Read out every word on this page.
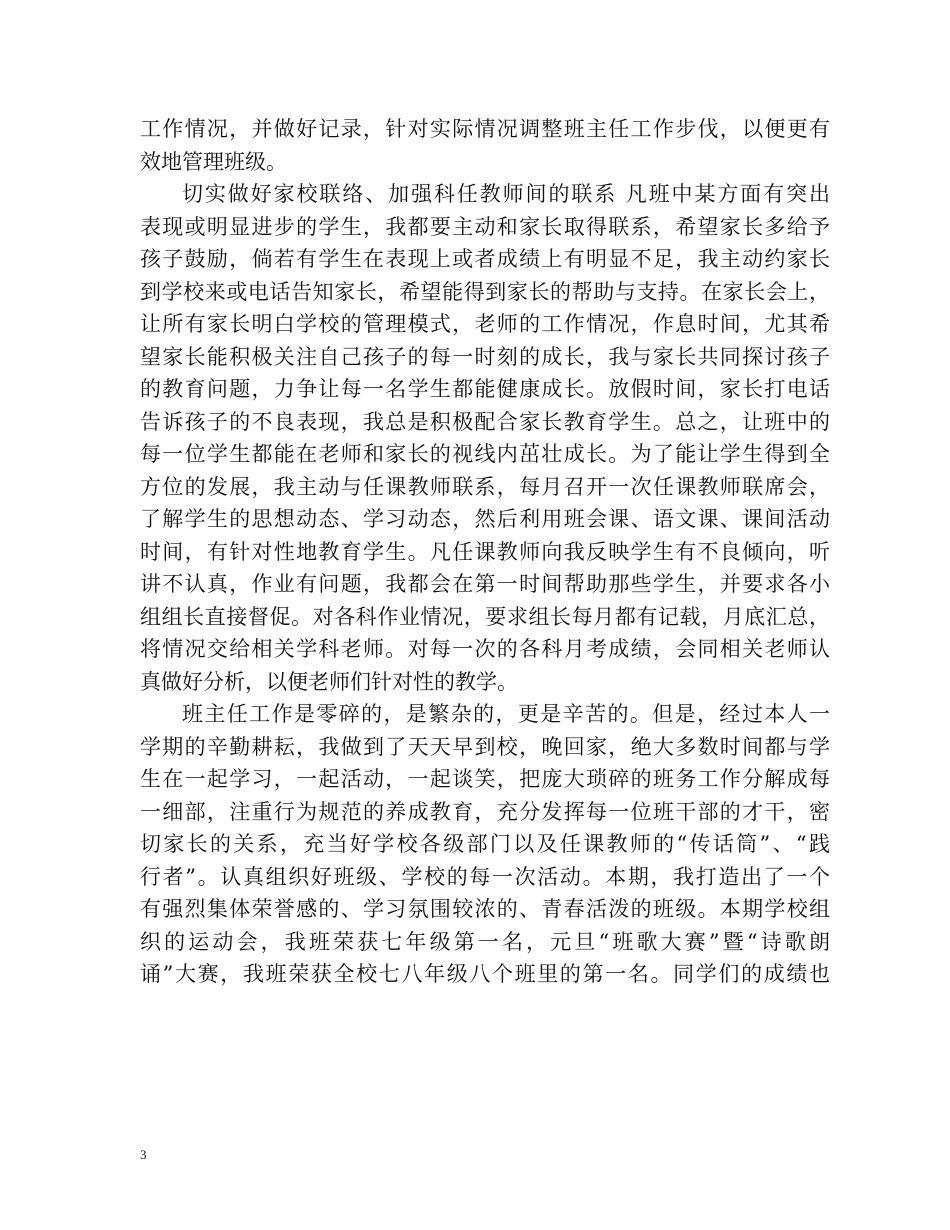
工作情况，并做好记录，针对实际情况调整班主任工作步伐，以便更有
效地管理班级。
切实做好家校联络、加强科任教师间的联系 凡班中某方面有突出
表现或明显进步的学生，我都要主动和家长取得联系，希望家长多给予
孩子鼓励，倘若有学生在表现上或者成绩上有明显不足，我主动约家长
到学校来或电话告知家长，希望能得到家长的帮助与支持。在家长会上，
让所有家长明白学校的管理模式，老师的工作情况，作息时间，尤其希
望家长能积极关注自己孩子的每一时刻的成长，我与家长共同探讨孩子
的教育问题，力争让每一名学生都能健康成长。放假时间，家长打电话
告诉孩子的不良表现，我总是积极配合家长教育学生。总之，让班中的
每一位学生都能在老师和家长的视线内茁壮成长。为了能让学生得到全
方位的发展，我主动与任课教师联系，每月召开一次任课教师联席会，
了解学生的思想动态、学习动态，然后利用班会课、语文课、课间活动
时间，有针对性地教育学生。凡任课教师向我反映学生有不良倾向，听
讲不认真，作业有问题，我都会在第一时间帮助那些学生，并要求各小
组组长直接督促。对各科作业情况，要求组长每月都有记载，月底汇总，
将情况交给相关学科老师。对每一次的各科月考成绩，会同相关老师认
真做好分析，以便老师们针对性的教学。
班主任工作是零碎的，是繁杂的，更是辛苦的。但是，经过本人一
学期的辛勤耕耘，我做到了天天早到校，晚回家，绝大多数时间都与学
生在一起学习，一起活动，一起谈笑，把庞大琐碎的班务工作分解成每
一细部，注重行为规范的养成教育，充分发挥每一位班干部的才干，密
切家长的关系，充当好学校各级部门以及任课教师的“传话筒”、“践
行者”。认真组织好班级、学校的每一次活动。本期，我打造出了一个
有强烈集体荣誉感的、学习氛围较浓的、青春活泼的班级。本期学校组
织的运动会，我班荣获七年级第一名，元旦“班歌大赛”暨“诗歌朗
诵”大赛，我班荣获全校七八年级八个班里的第一名。同学们的成绩也
3
